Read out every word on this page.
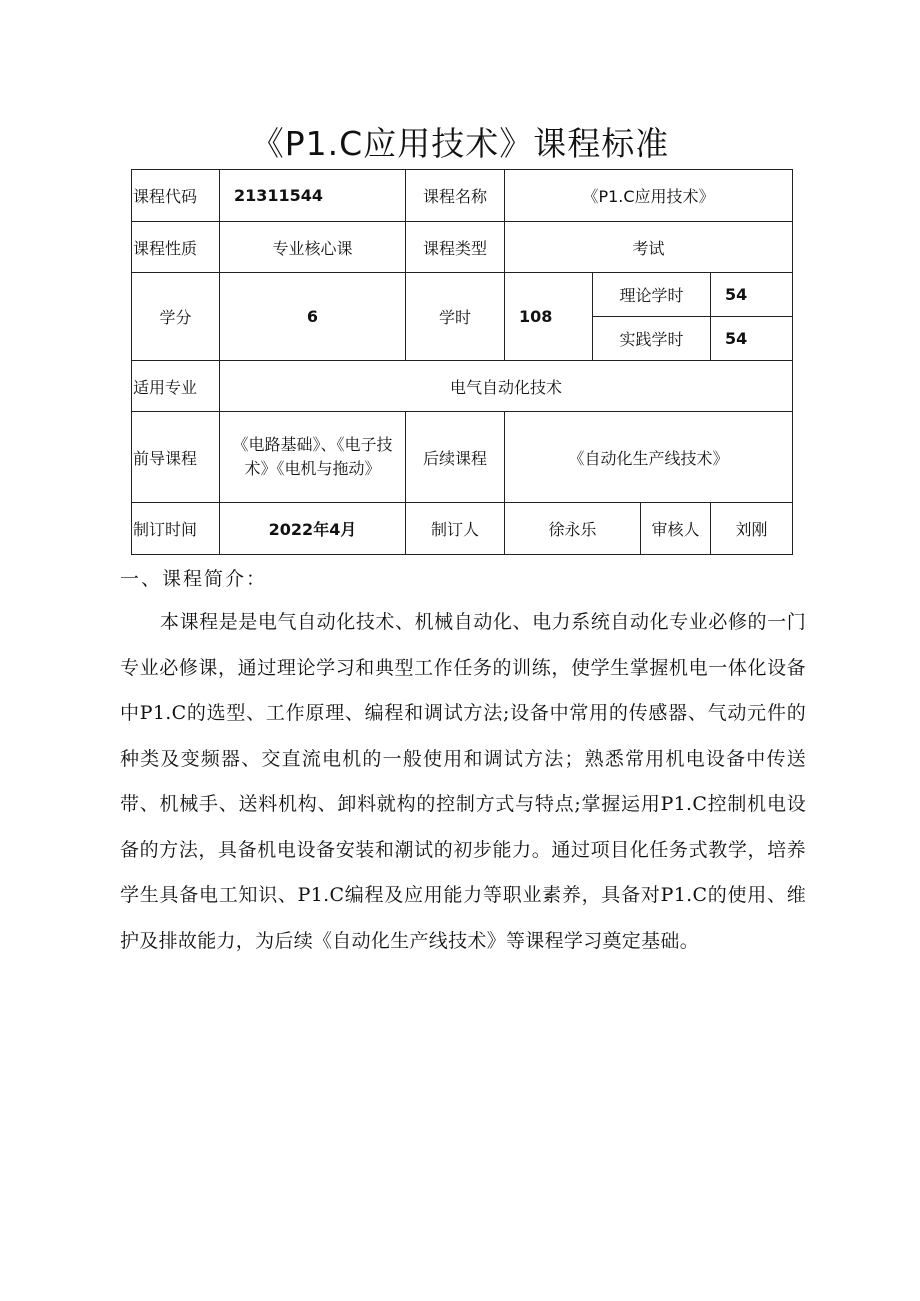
《P1.C应用技术》课程标准
课程代码	21311544	课程名称	《P1.C应用技术》			
课程性质	专业核心课	课程类型	考试			
学分	6	学时	108	理论学时		54
				实践学时		54
适用专业	电气自动化技术					
前导课程	《电路基础》、《电子技术》《电机与拖动》	后续课程	《自动化生产线技术》			
制订时间	2022年4月	制订人	徐永乐		审核人	刘刚
一、课程简介：

本课程是是电气自动化技术、机械自动化、电力系统自动化专业必修的一门专业必修课，通过理论学习和典型工作任务的训练，使学生掌握机电一体化设备中P1.C的选型、工作原理、编程和调试方法;设备中常用的传感器、气动元件的种类及变频器、交直流电机的一般使用和调试方法；熟悉常用机电设备中传送带、机械手、送料机构、卸料就构的控制方式与特点;掌握运用P1.C控制机电设备的方法，具备机电设备安装和潮试的初步能力。通过项目化任务式教学，培养学生具备电工知识、P1.C编程及应用能力等职业素养，具备对P1.C的使用、维护及排故能力，为后续《自动化生产线技术》等课程学习奠定基础。
